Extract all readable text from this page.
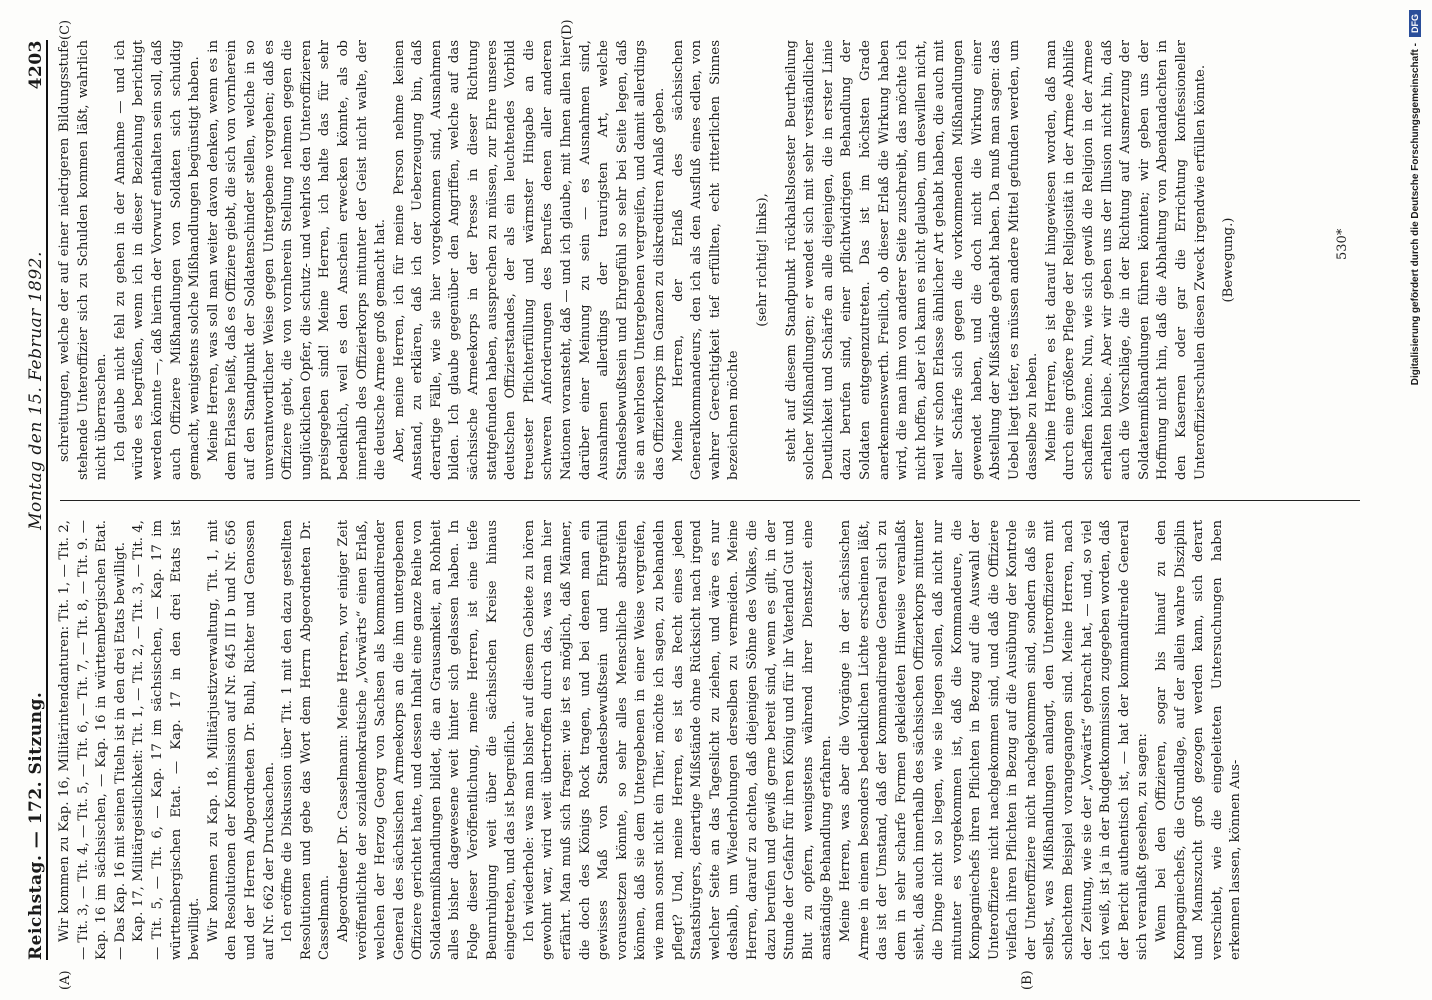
Reichstag. — 172. Sitzung.
Montag den 15. Februar 1892.
4203
(A)	(B)
(C)	(D)

Wir kommen zu Kap. 16, Militärintendanturen: Tit. 1, — Tit. 2, — Tit. 3, — Tit. 4, — Tit. 5, — Tit. 6, — Tit. 7, — Tit. 8, — Tit. 9. — Kap. 16 im sächsischen, — Kap. 16 in württembergischen Etat. — Das Kap. 16 mit seinen Titeln ist in den drei Etats bewilligt. Kap. 17, Militärgeistlichkeit: Tit. 1, — Tit. 2, — Tit. 3, — Tit. 4, — Tit. 5, — Tit. 6, — Kap. 17 im sächsischen, — Kap. 17 im württembergischen Etat. — Kap. 17 in den drei Etats ist bewilligt. Wir kommen zu Kap. 18, Militärjustizverwaltung, Tit. 1, mit den Resolutionen der Kommission auf Nr. 645 III b und Nr. 656 und der Herren Abgeordneten Dr. Buhl, Richter und Genossen auf Nr. 662 der Drucksachen. Ich eröffne die Diskussion über Tit. 1 mit den dazu gestellten Resolutionen und gebe das Wort dem Herrn Abgeordneten Dr. Casselmann. Abgeordneter Dr. Casselmann: Meine Herren, vor einiger Zeit veröffentlichte der sozialdemokratische „Vorwärts“ einen Erlaß, welchen der Herzog Georg von Sachsen als kommandirender General des sächsischen Armeekorps an die ihm untergebenen Offiziere gerichtet hatte, und dessen Inhalt eine ganze Reihe von Soldatenmißhandlungen bildet, die an Grausamkeit, an Rohheit alles bisher dagewesene weit hinter sich gelassen haben. In Folge dieser Veröffentlichung, meine Herren, ist eine tiefe Beunruhigung weit über die sächsischen Kreise hinaus eingetreten, und das ist begreiflich. Ich wiederhole: was man bisher auf diesem Gebiete zu hören gewohnt war, wird weit übertroffen durch das, was man hier erfährt. Man muß sich fragen: wie ist es möglich, daß Männer, die doch des Königs Rock tragen, und bei denen man ein gewisses Maß von Standesbewußtsein und Ehrgefühl voraussetzen könnte, so sehr alles Menschliche abstreifen können, daß sie dem Untergebenen in einer Weise vergreifen, wie man sonst nicht ein Thier, möchte ich sagen, zu behandeln pflegt? Und, meine Herren, es ist das Recht eines jeden Staatsbürgers, derartige Mißstände ohne Rücksicht nach irgend welcher Seite an das Tageslicht zu ziehen, und wäre es nur deshalb, um Wiederholungen derselben zu vermeiden. Meine Herren, darauf zu achten, daß diejenigen Söhne des Volkes, die dazu berufen und gewiß gerne bereit sind, wenn es gilt, in der Stunde der Gefahr für ihren König und für ihr Vaterland Gut und Blut zu opfern, wenigstens während ihrer Dienstzeit eine anständige Behandlung erfahren. Meine Herren, was aber die Vorgänge in der sächsischen Armee in einem besonders bedenklichen Lichte erscheinen läßt, das ist der Umstand, daß der kommandirende General sich zu dem in sehr scharfe Formen gekleideten Hinweise veranlaßt sieht, daß auch innerhalb des sächsischen Offizierkorps mitunter die Dinge nicht so liegen, wie sie liegen sollen, daß nicht nur mitunter es vorgekommen ist, daß die Kommandeure, die Kompagniechefs ihren Pflichten in Bezug auf die Auswahl der Unteroffiziere nicht nachgekommen sind, und daß die Offiziere vielfach ihren Pflichten in Bezug auf die Ausübung der Kontrole der Unteroffiziere nicht nachgekommen sind, sondern daß sie selbst, was Mißhandlungen anlangt, den Unteroffizieren mit schlechtem Beispiel vorangegangen sind. Meine Herren, nach der Zeitung, wie sie der „Vorwärts“ gebracht hat, — und, so viel ich weiß, ist ja in der Budgetkommission zugegeben worden, daß der Bericht authentisch ist, — hat der kommandirende General sich veranlaßt gesehen, zu sagen: Wenn bei den Offizieren, sogar bis hinauf zu den Kompagniechefs, die Grundlage, auf der allein wahre Disziplin und Mannszucht groß gezogen werden kann, sich derart verschiebt, wie die eingeleiteten Untersuchungen haben erkennen lassen, können Aus-

schreitungen, welche der auf einer niedrigeren Bildungsstufe stehende Unteroffizier sich zu Schulden kommen läßt, wahrlich nicht überraschen. Ich glaube nicht fehl zu gehen in der Annahme — und ich würde es begrüßen, wenn ich in dieser Beziehung berichtigt werden könnte —, daß hierin der Vorwurf enthalten sein soll, daß auch Offiziere Mißhandlungen von Soldaten sich schuldig gemacht, wenigstens solche Mißhandlungen begünstigt haben. Meine Herren, was soll man weiter davon denken, wenn es in dem Erlasse heißt, daß es Offiziere giebt, die sich von vornherein auf den Standpunkt der Soldatenschinder stellen, welche in so unverantwortlicher Weise gegen Untergebene vorgehen; daß es Offiziere giebt, die von vornherein Stellung nehmen gegen die unglücklichen Opfer, die schutz- und wehrlos den Unteroffizieren preisgegeben sind! Meine Herren, ich halte das für sehr bedenklich, weil es den Anschein erwecken könnte, als ob innerhalb des Offizierkorps mitunter der Geist nicht walte, der die deutsche Armee groß gemacht hat. Aber, meine Herren, ich für meine Person nehme keinen Anstand, zu erklären, daß ich der Ueberzeugung bin, daß derartige Fälle, wie sie hier vorgekommen sind, Ausnahmen bilden. Ich glaube gegenüber den Angriffen, welche auf das sächsische Armeekorps in der Presse in dieser Richtung stattgefunden haben, aussprechen zu müssen, zur Ehre unseres deutschen Offizierstandes, der als ein leuchtendes Vorbild treuester Pflichterfüllung und wärmster Hingabe an die schweren Anforderungen des Berufes denen aller anderen Nationen voransteht, daß — und ich glaube, mit Ihnen allen hier darüber einer Meinung zu sein — es Ausnahmen sind, Ausnahmen allerdings der traurigsten Art, welche Standesbewußtsein und Ehrgefühl so sehr bei Seite legen, daß sie an wehrlosen Untergebenen vergreifen, und damit allerdings das Offizierkorps im Ganzen zu diskreditiren Anlaß geben. Meine Herren, der Erlaß des sächsischen Generalkommandeurs, den ich als den Ausfluß eines edlen, von wahrer Gerechtigkeit tief erfüllten, echt ritterlichen Sinnes bezeichnen möchte

(sehr richtig! links), steht auf diesem Standpunkt rückhaltslosester Beurtheilung solcher Mißhandlungen; er wendet sich mit sehr verständlicher Deutlichkeit und Schärfe an alle diejenigen, die in erster Linie dazu berufen sind, einer pflichtwidrigen Behandlung der Soldaten entgegenzutreten. Das ist im höchsten Grade anerkennenswerth. Freilich, ob dieser Erlaß die Wirkung haben wird, die man ihm von anderer Seite zuschreibt, das möchte ich nicht hoffen, aber ich kann es nicht glauben, um deswillen nicht, weil wir schon Erlasse ähnlicher Art gehabt haben, die auch mit aller Schärfe sich gegen die vorkommenden Mißhandlungen gewendet haben, und die doch nicht die Wirkung einer Abstellung der Mißstände gehabt haben. Da muß man sagen: das Uebel liegt tiefer, es müssen andere Mittel gefunden werden, um dasselbe zu heben. Meine Herren, es ist darauf hingewiesen worden, daß man durch eine größere Pflege der Religiosität in der Armee Abhilfe schaffen könne. Nun, wie sich gewiß die Religion in der Armee erhalten bleibe. Aber wir geben uns der Illusion nicht hin, daß auch die Vorschläge, die in der Richtung auf Ausmerzung der Soldatenmißhandlungen führen könnten; wir geben uns der Hoffnung nicht hin, daß die Abhaltung von Abendandachten in den Kasernen oder gar die Errichtung konfessioneller Unteroffizierschulen diesen Zweck irgendwie erfüllen könnte. (Bewegung.)	530*	Digitalisierung gefördert durch die Deutsche Forschungsgemeinschaft -
DFG
